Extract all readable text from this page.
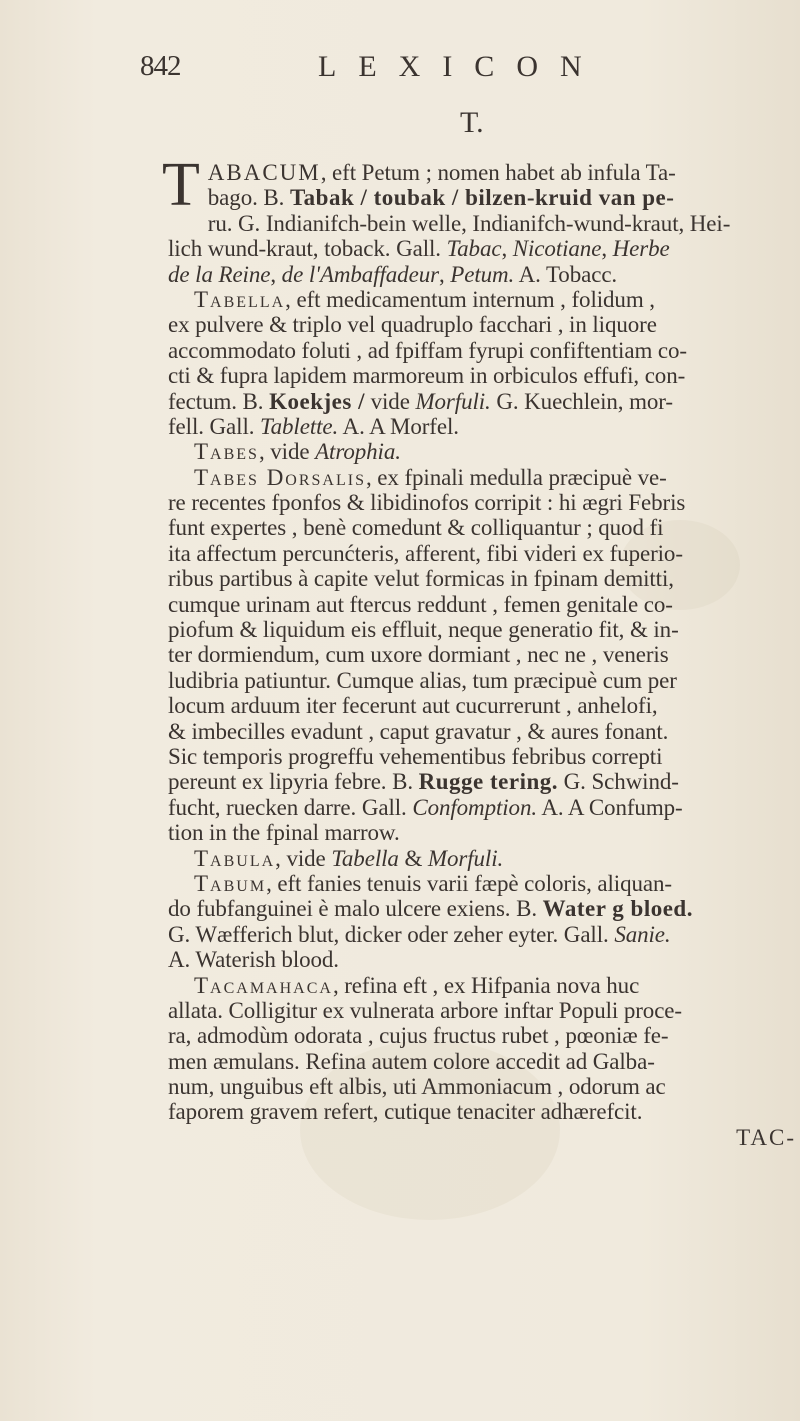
842	LEXICON
T.
T ABACUM, eft Petum ; nomen habet ab infula Ta-
bago. B. Tabak / toubak / bilzen-kruid van pe-
ru. G. Indianifch-bein welle, Indianifch-wund-kraut, Hei-
lich wund-kraut, toback. Gall. Tabac, Nicotiane, Herbe
de la Reine, de l'Ambaffadeur, Petum. A. Tobacc.
Tabella, eft medicamentum internum , folidum ,
ex pulvere & triplo vel quadruplo facchari , in liquore
accommodato foluti , ad fpiffam fyrupi confiftentiam co-
cti & fupra lapidem marmoreum in orbiculos effufi, con-
fectum. B. Koekjes / vide Morfuli. G. Kuechlein, mor-
fell. Gall. Tablette. A. A Morfel.
Tabes, vide Atrophia.
Tabes Dorsalis, ex fpinali medulla præcipuè ve-
re recentes fponfos & libidinofos corripit : hi ægri Febris
funt expertes , benè comedunt & colliquantur ; quod fi
ita affectum percunćteris, afferent, fibi videri ex fuperio-
ribus partibus à capite velut formicas in fpinam demitti,
cumque urinam aut ftercus reddunt , femen genitale co-
piofum & liquidum eis effluit, neque generatio fit, & in-
ter dormiendum, cum uxore dormiant , nec ne , veneris
ludibria patiuntur. Cumque alias, tum præcipuè cum per
locum arduum iter fecerunt aut cucurrerunt , anhelofi,
& imbecilles evadunt , caput gravatur , & aures fonant.
Sic temporis progreffu vehementibus febribus correpti
pereunt ex lipyria febre. B. Rugge tering. G. Schwind-
fucht, ruecken darre. Gall. Confomption. A. A Confump-
tion in the fpinal marrow.
Tabula, vide Tabella & Morfuli.
Tabum, eft fanies tenuis varii fæpè coloris, aliquan-
do fubfanguinei è malo ulcere exiens. B. Water g bloed.
G. Wæfferich blut, dicker oder zeher eyter. Gall. Sanie.
A. Waterish blood.
Tacamahaca, refina eft , ex Hifpania nova huc
allata. Colligitur ex vulnerata arbore inftar Populi proce-
ra, admodùm odorata , cujus fructus rubet , pœoniæ fe-
men æmulans. Refina autem colore accedit ad Galba-
num, unguibus eft albis, uti Ammoniacum , odorum ac
faporem gravem refert, cutique tenaciter adhærefcit.
TAC-
